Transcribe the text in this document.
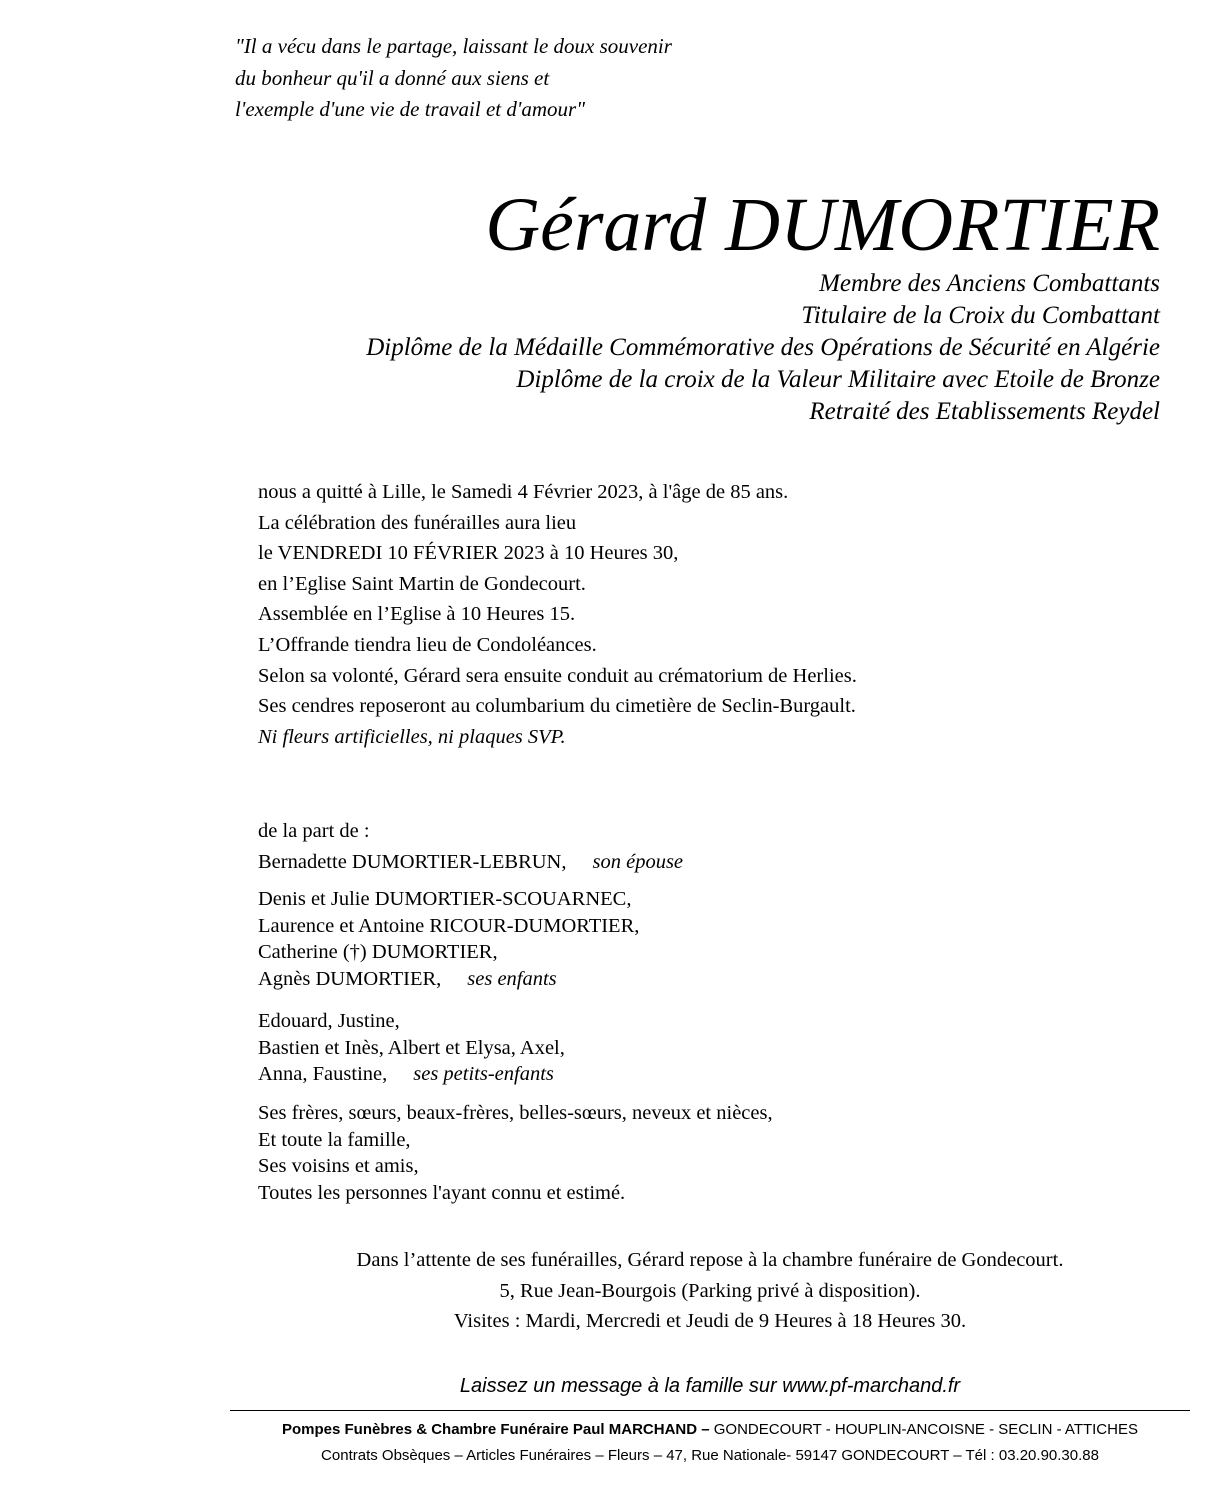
"Il a vécu dans le partage, laissant le doux souvenir
du bonheur qu'il a donné aux siens et
l'exemple d'une vie de travail et d'amour"
Gérard DUMORTIER
Membre des Anciens Combattants
Titulaire de la Croix du Combattant
Diplôme de la Médaille Commémorative des Opérations de Sécurité en Algérie
Diplôme de la croix de la Valeur Militaire avec Etoile de Bronze
Retraité des Etablissements Reydel
nous a quitté à Lille, le Samedi 4 Février 2023, à l'âge de 85 ans.
La célébration des funérailles aura lieu
le VENDREDI 10 FÉVRIER 2023 à 10 Heures 30,
en l’Eglise Saint Martin de Gondecourt.
Assemblée en l’Eglise à 10 Heures 15.
L’Offrande tiendra lieu de Condoléances.
Selon sa volonté, Gérard sera ensuite conduit au crématorium de Herlies.
Ses cendres reposeront au columbarium du cimetière de Seclin-Burgault.
Ni fleurs artificielles, ni plaques SVP.
de la part de :
Bernadette DUMORTIER-LEBRUN, son épouse
Denis et Julie DUMORTIER-SCOUARNEC,
Laurence et Antoine RICOUR-DUMORTIER,
Catherine (†) DUMORTIER,
Agnès DUMORTIER, ses enfants
Edouard, Justine,
Bastien et Inès, Albert et Elysa, Axel,
Anna, Faustine, ses petits-enfants
Ses frères, sœurs, beaux-frères, belles-sœurs, neveux et nièces,
Et toute la famille,
Ses voisins et amis,
Toutes les personnes l'ayant connu et estimé.
Dans l’attente de ses funérailles, Gérard repose à la chambre funéraire de Gondecourt.
5, Rue Jean-Bourgois (Parking privé à disposition).
Visites : Mardi, Mercredi et Jeudi de 9 Heures à 18 Heures 30.
Laissez un message à la famille sur www.pf-marchand.fr
Pompes Funèbres & Chambre Funéraire Paul MARCHAND – GONDECOURT - HOUPLIN-ANCOISNE - SECLIN - ATTICHES
Contrats Obsèques – Articles Funéraires – Fleurs – 47, Rue Nationale- 59147 GONDECOURT – Tél : 03.20.90.30.88
